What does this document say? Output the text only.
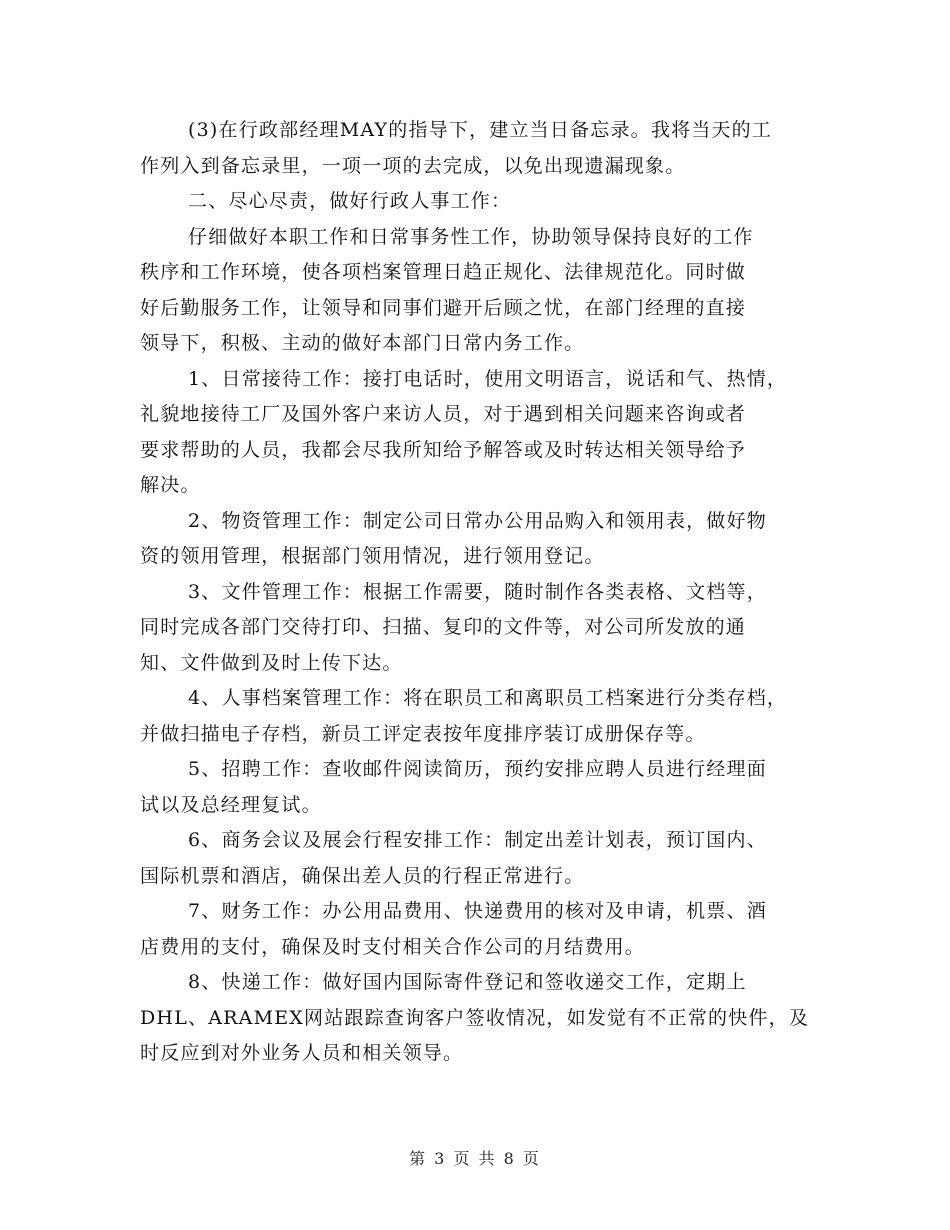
(3)在行政部经理MAY的指导下，建立当日备忘录。我将当天的工
作列入到备忘录里，一项一项的去完成，以免出现遗漏现象。
二、尽心尽责，做好行政人事工作：
仔细做好本职工作和日常事务性工作，协助领导保持良好的工作
秩序和工作环境，使各项档案管理日趋正规化、法律规范化。同时做
好后勤服务工作，让领导和同事们避开后顾之忧，在部门经理的直接
领导下，积极、主动的做好本部门日常内务工作。
1、日常接待工作：接打电话时，使用文明语言，说话和气、热情，
礼貌地接待工厂及国外客户来访人员，对于遇到相关问题来咨询或者
要求帮助的人员，我都会尽我所知给予解答或及时转达相关领导给予
解决。
2、物资管理工作：制定公司日常办公用品购入和领用表，做好物
资的领用管理，根据部门领用情况，进行领用登记。
3、文件管理工作：根据工作需要，随时制作各类表格、文档等，
同时完成各部门交待打印、扫描、复印的文件等，对公司所发放的通
知、文件做到及时上传下达。
4、人事档案管理工作：将在职员工和离职员工档案进行分类存档，
并做扫描电子存档，新员工评定表按年度排序装订成册保存等。
5、招聘工作：查收邮件阅读简历，预约安排应聘人员进行经理面
试以及总经理复试。
6、商务会议及展会行程安排工作：制定出差计划表，预订国内、
国际机票和酒店，确保出差人员的行程正常进行。
7、财务工作：办公用品费用、快递费用的核对及申请，机票、酒
店费用的支付，确保及时支付相关合作公司的月结费用。
8、快递工作：做好国内国际寄件登记和签收递交工作，定期上
DHL、ARAMEX网站跟踪查询客户签收情况，如发觉有不正常的快件，及
时反应到对外业务人员和相关领导。
第 3 页 共 8 页
